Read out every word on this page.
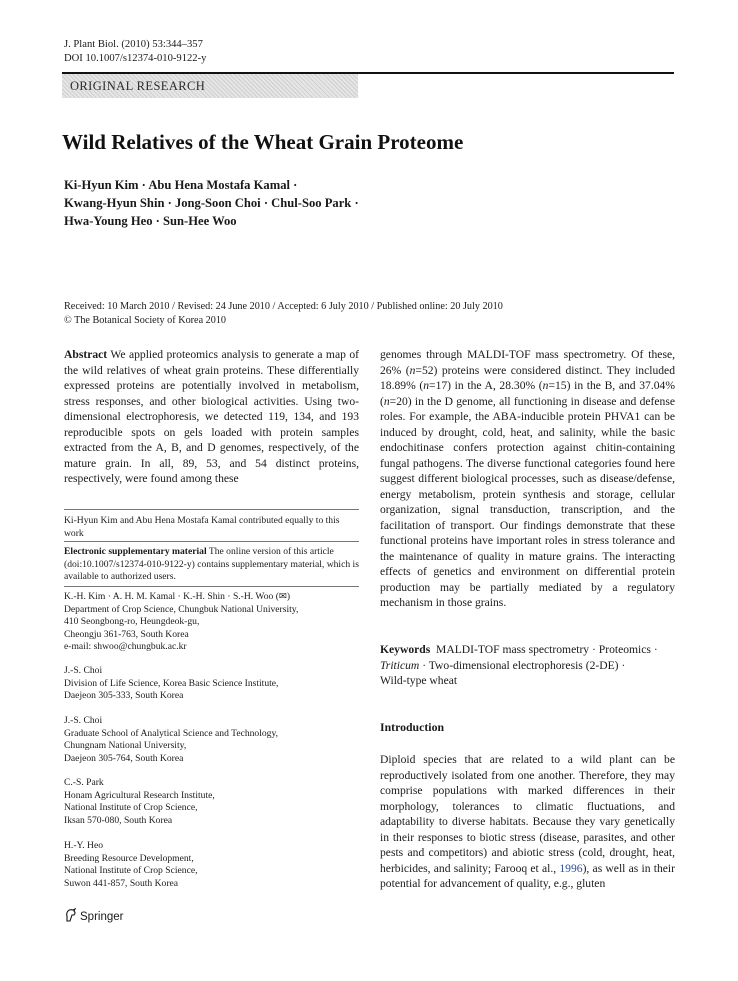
J. Plant Biol. (2010) 53:344–357
DOI 10.1007/s12374-010-9122-y
ORIGINAL RESEARCH
Wild Relatives of the Wheat Grain Proteome
Ki-Hyun Kim · Abu Hena Mostafa Kamal ·
Kwang-Hyun Shin · Jong-Soon Choi · Chul-Soo Park ·
Hwa-Young Heo · Sun-Hee Woo
Received: 10 March 2010 / Revised: 24 June 2010 / Accepted: 6 July 2010 / Published online: 20 July 2010
© The Botanical Society of Korea 2010

Abstract We applied proteomics analysis to generate a map of the wild relatives of wheat grain proteins. These differentially expressed proteins are potentially involved in metabolism, stress responses, and other biological activities. Using two-dimensional electrophoresis, we detected 119, 134, and 193 reproducible spots on gels loaded with protein samples extracted from the A, B, and D genomes, respectively, of the mature grain. In all, 89, 53, and 54 distinct proteins, respectively, were found among these

Ki-Hyun Kim and Abu Hena Mostafa Kamal contributed equally to this work

Electronic supplementary material The online version of this article (doi:10.1007/s12374-010-9122-y) contains supplementary material, which is available to authorized users.

K.-H. Kim · A. H. M. Kamal · K.-H. Shin · S.-H. Woo (✉)

Department of Crop Science, Chungbuk National University,

410 Seongbong-ro, Heungdeok-gu,

Cheongju 361-763, South Korea

e-mail: shwoo@chungbuk.ac.kr

J.-S. Choi

Division of Life Science, Korea Basic Science Institute,

Daejeon 305-333, South Korea

J.-S. Choi

Graduate School of Analytical Science and Technology,

Chungnam National University,

Daejeon 305-764, South Korea

C.-S. Park

Honam Agricultural Research Institute,

National Institute of Crop Science,

Iksan 570-080, South Korea

H.-Y. Heo

Breeding Resource Development,

National Institute of Crop Science,

Suwon 441-857, South Korea

genomes through MALDI-TOF mass spectrometry. Of these, 26% (n=52) proteins were considered distinct. They included 18.89% (n=17) in the A, 28.30% (n=15) in the B, and 37.04% (n=20) in the D genome, all functioning in disease and defense roles. For example, the ABA-inducible protein PHVA1 can be induced by drought, cold, heat, and salinity, while the basic endochitinase confers protection against chitin-containing fungal pathogens. The diverse functional categories found here suggest different biological processes, such as disease/defense, energy metabolism, protein synthesis and storage, cellular organization, signal transduction, transcription, and the facilitation of transport. Our findings demonstrate that these functional proteins have important roles in stress tolerance and the maintenance of quality in mature grains. The interacting effects of genetics and environment on differential protein production may be partially mediated by a regulatory mechanism in those grains.

Keywords MALDI-TOF mass spectrometry · Proteomics ·

Triticum · Two-dimensional electrophoresis (2-DE) ·

Wild-type wheat

Introduction

Diploid species that are related to a wild plant can be reproductively isolated from one another. Therefore, they may comprise populations with marked differences in their morphology, tolerances to climatic fluctuations, and adaptability to diverse habitats. Because they vary genetically in their responses to biotic stress (disease, parasites, and other pests and competitors) and abiotic stress (cold, drought, heat, herbicides, and salinity; Farooq et al., 1996), as well as in their potential for advancement of quality, e.g., gluten

Springer
